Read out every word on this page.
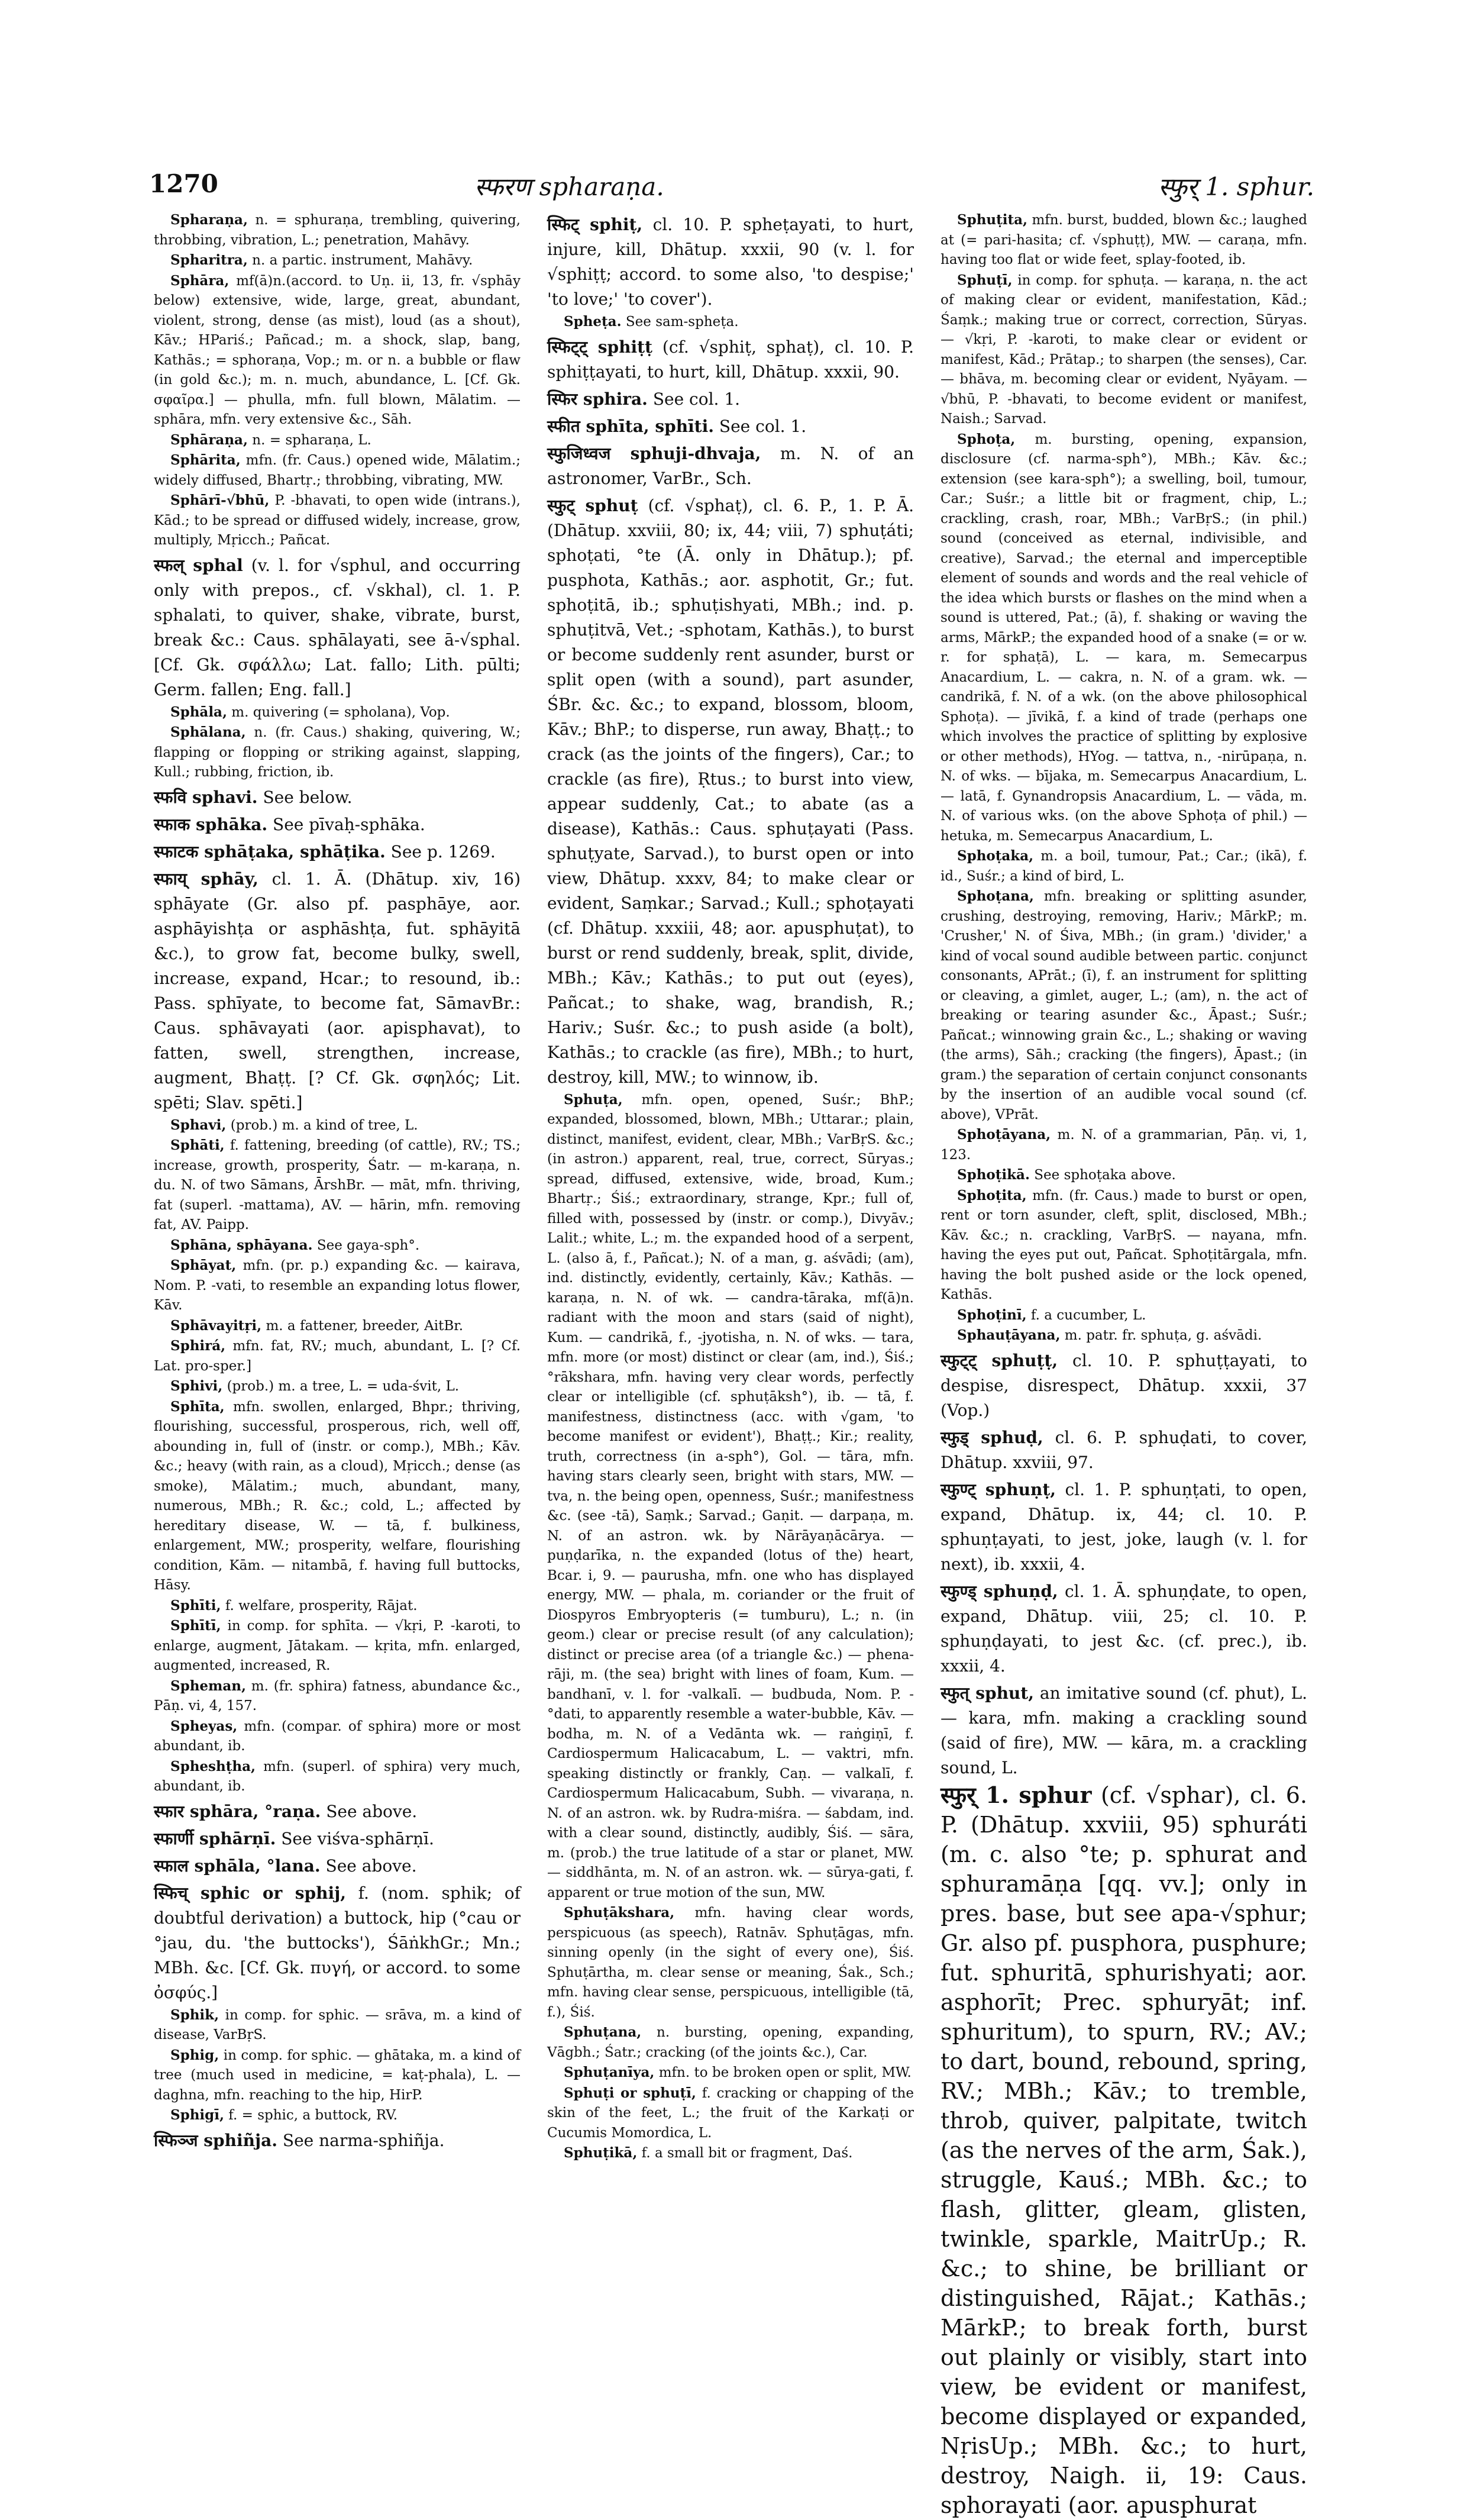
1270	स्फरण spharaṇa.	स्फुर् 1. sphur.

Spharaṇa, n. = sphuraṇa, trembling, quivering, throbbing, vibration, L.; penetration, Mahāvy.

Spharitra, n. a partic. instrument, Mahāvy.

Sphāra, mf(ā)n.(accord. to Uṇ. ii, 13, fr. √sphāy below) extensive, wide, large, great, abundant, violent, strong, dense (as mist), loud (as a shout), Kāv.; HPariś.; Pañcad.; m. a shock, slap, bang, Kathās.; = sphoraṇa, Vop.; m. or n. a bubble or flaw (in gold &c.); m. n. much, abundance, L. [Cf. Gk. σφαῖρα.] — phulla, mfn. full blown, Mālatim. — sphāra, mfn. very extensive &c., Sāh.

Sphāraṇa, n. = spharaṇa, L.

Sphārita, mfn. (fr. Caus.) opened wide, Mālatim.; widely diffused, Bhartṛ.; throbbing, vibrating, MW.

Sphārī-√bhū, P. -bhavati, to open wide (intrans.), Kād.; to be spread or diffused widely, increase, grow, multiply, Mṛicch.; Pañcat.

स्फल् sphal (v. l. for √sphul, and occurring only with prepos., cf. √skhal), cl. 1. P. sphalati, to quiver, shake, vibrate, burst, break &c.: Caus. sphālayati, see ā-√sphal. [Cf. Gk. σφάλλω; Lat. fallo; Lith. pūlti; Germ. fallen; Eng. fall.]

Sphāla, m. quivering (= spholana), Vop.

Sphālana, n. (fr. Caus.) shaking, quivering, W.; flapping or flopping or striking against, slapping, Kull.; rubbing, friction, ib.

स्फवि sphavi. See below.

स्फाक sphāka. See pīvaḥ-sphāka.

स्फाटक sphāṭaka, sphāṭika. See p. 1269.

स्फाय् sphāy, cl. 1. Ā. (Dhātup. xiv, 16) sphāyate (Gr. also pf. pasphāye, aor. asphāyishṭa or asphāshṭa, fut. sphāyitā &c.), to grow fat, become bulky, swell, increase, expand, Hcar.; to resound, ib.: Pass. sphīyate, to become fat, SāmavBr.: Caus. sphāvayati (aor. apisphavat), to fatten, swell, strengthen, increase, augment, Bhaṭṭ. [? Cf. Gk. σφηλός; Lit. spēti; Slav. spēti.]

Sphavi, (prob.) m. a kind of tree, L.

Sphāti, f. fattening, breeding (of cattle), RV.; TS.; increase, growth, prosperity, Śatr. — m-karaṇa, n. du. N. of two Sāmans, ĀrshBr. — māt, mfn. thriving, fat (superl. -mattama), AV. — hārin, mfn. removing fat, AV. Paipp.

Sphāna, sphāyana. See gaya-sph°.

Sphāyat, mfn. (pr. p.) expanding &c. — kairava, Nom. P. -vati, to resemble an expanding lotus flower, Kāv.

Sphāvayitṛi, m. a fattener, breeder, AitBr.

Sphirá, mfn. fat, RV.; much, abundant, L. [? Cf. Lat. pro-sper.]

Sphivi, (prob.) m. a tree, L. = uda-śvit, L.

Sphīta, mfn. swollen, enlarged, Bhpr.; thriving, flourishing, successful, prosperous, rich, well off, abounding in, full of (instr. or comp.), MBh.; Kāv. &c.; heavy (with rain, as a cloud), Mṛicch.; dense (as smoke), Mālatim.; much, abundant, many, numerous, MBh.; R. &c.; cold, L.; affected by hereditary disease, W. — tā, f. bulkiness, enlargement, MW.; prosperity, welfare, flourishing condition, Kām. — nitambā, f. having full buttocks, Hāsy.

Sphīti, f. welfare, prosperity, Rājat.

Sphītī, in comp. for sphīta. — √kṛi, P. -karoti, to enlarge, augment, Jātakam. — kṛita, mfn. enlarged, augmented, increased, R.

Spheman, m. (fr. sphira) fatness, abundance &c., Pāṇ. vi, 4, 157.

Spheyas, mfn. (compar. of sphira) more or most abundant, ib.

Spheshṭha, mfn. (superl. of sphira) very much, abundant, ib.

स्फार sphāra, °raṇa. See above.

स्फार्णी sphārṇī. See viśva-sphārṇī.

स्फाल sphāla, °lana. See above.

स्फिच् sphic or sphij, f. (nom. sphik; of doubtful derivation) a buttock, hip (°cau or °jau, du. 'the buttocks'), ŚāṅkhGr.; Mn.; MBh. &c. [Cf. Gk. πυγή, or accord. to some ὀσφύς.]

Sphik, in comp. for sphic. — srāva, m. a kind of disease, VarBṛS.

Sphig, in comp. for sphic. — ghātaka, m. a kind of tree (much used in medicine, = kaṭ-phala), L. — daghna, mfn. reaching to the hip, HirP.

Sphigī, f. = sphic, a buttock, RV.

स्फिञ्ज sphiñja. See narma-sphiñja.

स्फिट् sphiṭ, cl. 10. P. spheṭayati, to hurt, injure, kill, Dhātup. xxxii, 90 (v. l. for √sphiṭṭ; accord. to some also, 'to despise;' 'to love;' 'to cover').

Spheṭa. See sam-spheṭa.

स्फिट्ट् sphiṭṭ (cf. √sphiṭ, sphaṭ), cl. 10. P. sphiṭṭayati, to hurt, kill, Dhātup. xxxii, 90.

स्फिर sphira. See col. 1.

स्फीत sphīta, sphīti. See col. 1.

स्फुजिध्वज sphuji-dhvaja, m. N. of an astronomer, VarBr., Sch.

स्फुट् sphuṭ (cf. √sphaṭ), cl. 6. P., 1. P. Ā. (Dhātup. xxviii, 80; ix, 44; viii, 7) sphuṭáti; sphoṭati, °te (Ā. only in Dhātup.); pf. pusphota, Kathās.; aor. asphotit, Gr.; fut. sphoṭitā, ib.; sphuṭishyati, MBh.; ind. p. sphuṭitvā, Vet.; -sphotam, Kathās.), to burst or become suddenly rent asunder, burst or split open (with a sound), part asunder, ŚBr. &c. &c.; to expand, blossom, bloom, Kāv.; BhP.; to disperse, run away, Bhaṭṭ.; to crack (as the joints of the fingers), Car.; to crackle (as fire), Ṛtus.; to burst into view, appear suddenly, Cat.; to abate (as a disease), Kathās.: Caus. sphuṭayati (Pass. sphuṭyate, Sarvad.), to burst open or into view, Dhātup. xxxv, 84; to make clear or evident, Saṃkar.; Sarvad.; Kull.; sphoṭayati (cf. Dhātup. xxxiii, 48; aor. apusphuṭat), to burst or rend suddenly, break, split, divide, MBh.; Kāv.; Kathās.; to put out (eyes), Pañcat.; to shake, wag, brandish, R.; Hariv.; Suśr. &c.; to push aside (a bolt), Kathās.; to crackle (as fire), MBh.; to hurt, destroy, kill, MW.; to winnow, ib.

Sphuṭa, mfn. open, opened, Suśr.; BhP.; expanded, blossomed, blown, MBh.; Uttarar.; plain, distinct, manifest, evident, clear, MBh.; VarBṛS. &c.; (in astron.) apparent, real, true, correct, Sūryas.; spread, diffused, extensive, wide, broad, Kum.; Bhartṛ.; Śiś.; extraordinary, strange, Kpr.; full of, filled with, possessed by (instr. or comp.), Divyāv.; Lalit.; white, L.; m. the expanded hood of a serpent, L. (also ā, f., Pañcat.); N. of a man, g. aśvādi; (am), ind. distinctly, evidently, certainly, Kāv.; Kathās. — karaṇa, n. N. of wk. — candra-tāraka, mf(ā)n. radiant with the moon and stars (said of night), Kum. — candrikā, f., -jyotisha, n. N. of wks. — tara, mfn. more (or most) distinct or clear (am, ind.), Śiś.; °rākshara, mfn. having very clear words, perfectly clear or intelligible (cf. sphuṭāksh°), ib. — tā, f. manifestness, distinctness (acc. with √gam, 'to become manifest or evident'), Bhaṭṭ.; Kir.; reality, truth, correctness (in a-sph°), Gol. — tāra, mfn. having stars clearly seen, bright with stars, MW. — tva, n. the being open, openness, Suśr.; manifestness &c. (see -tā), Saṃk.; Sarvad.; Gaṇit. — darpaṇa, m. N. of an astron. wk. by Nārāyaṇācārya. — puṇḍarīka, n. the expanded (lotus of the) heart, Bcar. i, 9. — paurusha, mfn. one who has displayed energy, MW. — phala, m. coriander or the fruit of Diospyros Embryopteris (= tumburu), L.; n. (in geom.) clear or precise result (of any calculation); distinct or precise area (of a triangle &c.) — phena-rāji, m. (the sea) bright with lines of foam, Kum. — bandhanī, v. l. for -valkalī. — budbuda, Nom. P. -°dati, to apparently resemble a water-bubble, Kāv. — bodha, m. N. of a Vedānta wk. — raṅgiṇī, f. Cardiospermum Halicacabum, L. — vaktri, mfn. speaking distinctly or frankly, Caṇ. — valkalī, f. Cardiospermum Halicacabum, Subh. — vivaraṇa, n. N. of an astron. wk. by Rudra-miśra. — śabdam, ind. with a clear sound, distinctly, audibly, Śiś. — sāra, m. (prob.) the true latitude of a star or planet, MW. — siddhānta, m. N. of an astron. wk. — sūrya-gati, f. apparent or true motion of the sun, MW.

Sphuṭākshara, mfn. having clear words, perspicuous (as speech), Ratnāv. Sphuṭāgas, mfn. sinning openly (in the sight of every one), Śiś. Sphuṭārtha, m. clear sense or meaning, Śak., Sch.; mfn. having clear sense, perspicuous, intelligible (tā, f.), Śiś.

Sphuṭana, n. bursting, opening, expanding, Vāgbh.; Śatr.; cracking (of the joints &c.), Car.

Sphuṭanīya, mfn. to be broken open or split, MW.

Sphuṭi or sphuṭī, f. cracking or chapping of the skin of the feet, L.; the fruit of the Karkaṭi or Cucumis Momordica, L.

Sphuṭikā, f. a small bit or fragment, Daś.

Sphuṭita, mfn. burst, budded, blown &c.; laughed at (= pari-hasita; cf. √sphuṭṭ), MW. — caraṇa, mfn. having too flat or wide feet, splay-footed, ib.

Sphuṭī, in comp. for sphuṭa. — karaṇa, n. the act of making clear or evident, manifestation, Kād.; Śaṃk.; making true or correct, correction, Sūryas. — √kṛi, P. -karoti, to make clear or evident or manifest, Kād.; Prātap.; to sharpen (the senses), Car. — bhāva, m. becoming clear or evident, Nyāyam. — √bhū, P. -bhavati, to become evident or manifest, Naish.; Sarvad.

Sphoṭa, m. bursting, opening, expansion, disclosure (cf. narma-sph°), MBh.; Kāv. &c.; extension (see kara-sph°); a swelling, boil, tumour, Car.; Suśr.; a little bit or fragment, chip, L.; crackling, crash, roar, MBh.; VarBṛS.; (in phil.) sound (conceived as eternal, indivisible, and creative), Sarvad.; the eternal and imperceptible element of sounds and words and the real vehicle of the idea which bursts or flashes on the mind when a sound is uttered, Pat.; (ā), f. shaking or waving the arms, MārkP.; the expanded hood of a snake (= or w. r. for sphaṭā), L. — kara, m. Semecarpus Anacardium, L. — cakra, n. N. of a gram. wk. — candrikā, f. N. of a wk. (on the above philosophical Sphoṭa). — jīvikā, f. a kind of trade (perhaps one which involves the practice of splitting by explosive or other methods), HYog. — tattva, n., -nirūpaṇa, n. N. of wks. — bījaka, m. Semecarpus Anacardium, L. — latā, f. Gynandropsis Anacardium, L. — vāda, m. N. of various wks. (on the above Sphoṭa of phil.) — hetuka, m. Semecarpus Anacardium, L.

Sphoṭaka, m. a boil, tumour, Pat.; Car.; (ikā), f. id., Suśr.; a kind of bird, L.

Sphoṭana, mfn. breaking or splitting asunder, crushing, destroying, removing, Hariv.; MārkP.; m. 'Crusher,' N. of Śiva, MBh.; (in gram.) 'divider,' a kind of vocal sound audible between partic. conjunct consonants, APrāt.; (ī), f. an instrument for splitting or cleaving, a gimlet, auger, L.; (am), n. the act of breaking or tearing asunder &c., Āpast.; Suśr.; Pañcat.; winnowing grain &c., L.; shaking or waving (the arms), Sāh.; cracking (the fingers), Āpast.; (in gram.) the separation of certain conjunct consonants by the insertion of an audible vocal sound (cf. above), VPrāt.

Sphoṭāyana, m. N. of a grammarian, Pāṇ. vi, 1, 123.

Sphoṭikā. See sphoṭaka above.

Sphoṭita, mfn. (fr. Caus.) made to burst or open, rent or torn asunder, cleft, split, disclosed, MBh.; Kāv. &c.; n. crackling, VarBṛS. — nayana, mfn. having the eyes put out, Pañcat. Sphoṭitārgala, mfn. having the bolt pushed aside or the lock opened, Kathās.

Sphoṭinī, f. a cucumber, L.

Sphauṭāyana, m. patr. fr. sphuṭa, g. aśvādi.

स्फुट्ट् sphuṭṭ, cl. 10. P. sphuṭṭayati, to despise, disrespect, Dhātup. xxxii, 37 (Vop.)

स्फुड् sphuḍ, cl. 6. P. sphuḍati, to cover, Dhātup. xxviii, 97.

स्फुण्ट् sphuṇṭ, cl. 1. P. sphuṇṭati, to open, expand, Dhātup. ix, 44; cl. 10. P. sphuṇṭayati, to jest, joke, laugh (v. l. for next), ib. xxxii, 4.

स्फुण्ड् sphuṇḍ, cl. 1. Ā. sphuṇḍate, to open, expand, Dhātup. viii, 25; cl. 10. P. sphuṇḍayati, to jest &c. (cf. prec.), ib. xxxii, 4.

स्फुत् sphut, an imitative sound (cf. phut), L. — kara, mfn. making a crackling sound (said of fire), MW. — kāra, m. a crackling sound, L.

स्फुर् 1. sphur (cf. √sphar), cl. 6. P. (Dhātup. xxviii, 95) sphuráti (m. c. also °te; p. sphurat and sphuramāṇa [qq. vv.]; only in pres. base, but see apa-√sphur; Gr. also pf. pusphora, pusphure; fut. sphuritā, sphurishyati; aor. asphorīt; Prec. sphuryāt; inf. sphuritum), to spurn, RV.; AV.; to dart, bound, rebound, spring, RV.; MBh.; Kāv.; to tremble, throb, quiver, palpitate, twitch (as the nerves of the arm, Śak.), struggle, Kauś.; MBh. &c.; to flash, glitter, gleam, glisten, twinkle, sparkle, MaitrUp.; R. &c.; to shine, be brilliant or distinguished, Rājat.; Kathās.; MārkP.; to break forth, burst out plainly or visibly, start into view, be evident or manifest, become displayed or expanded, NṛisUp.; MBh. &c.; to hurt, destroy, Naigh. ii, 19: Caus. sphorayati (aor. apusphurat
